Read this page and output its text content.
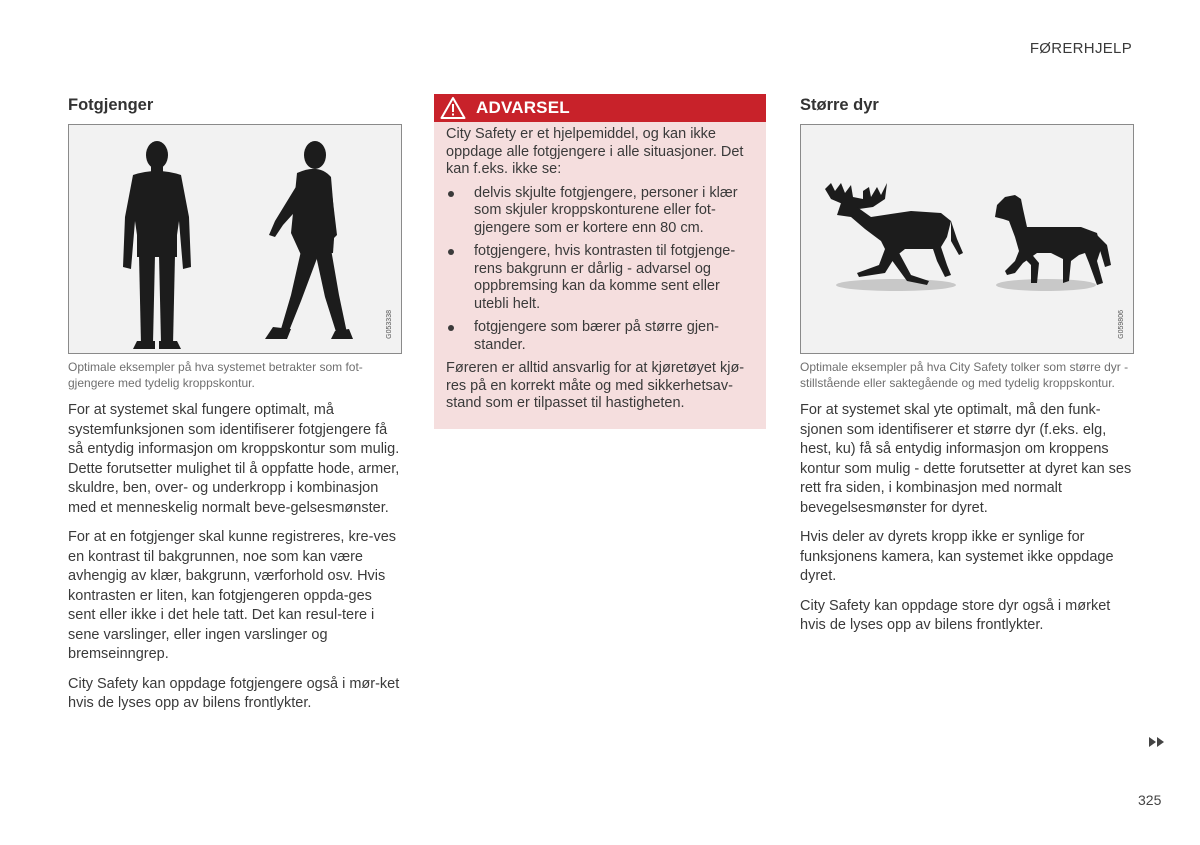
FØRERHJELP
Fotgjenger
G053338
Optimale eksempler på hva systemet betrakter som fot-gjengere med tydelig kroppskontur.

For at systemet skal fungere optimalt, må systemfunksjonen som identifiserer fotgjengere få så entydig informasjon om kroppskontur som mulig. Dette forutsetter mulighet til å oppfatte hode, armer, skuldre, ben, over- og underkropp i kombinasjon med et menneskelig normalt beve-gelsesmønster.

For at en fotgjenger skal kunne registreres, kre-ves en kontrast til bakgrunnen, noe som kan være avhengig av klær, bakgrunn, værforhold osv. Hvis kontrasten er liten, kan fotgjengeren oppda-ges sent eller ikke i det hele tatt. Det kan resul-tere i sene varslinger, eller ingen varslinger og bremseinngrep.

City Safety kan oppdage fotgjengere også i mør-ket hvis de lyses opp av bilens frontlykter.

ADVARSEL

City Safety er et hjelpemiddel, og kan ikke oppdage alle fotgjengere i alle situasjoner. Det kan f.eks. ikke se:

delvis skjulte fotgjengere, personer i klær som skjuler kroppskonturene eller fot-gjengere som er kortere enn 80 cm.
fotgjengere, hvis kontrasten til fotgjenge-rens bakgrunn er dårlig - advarsel og oppbremsing kan da komme sent eller utebli helt.
fotgjengere som bærer på større gjen-stander.

Føreren er alltid ansvarlig for at kjøretøyet kjø-res på en korrekt måte og med sikkerhetsav-stand som er tilpasset til hastigheten.

Større dyr
G059806
Optimale eksempler på hva City Safety tolker som større dyr - stillstående eller saktegående og med tydelig kroppskontur.

For at systemet skal yte optimalt, må den funk-sjonen som identifiserer et større dyr (f.eks. elg, hest, ku) få så entydig informasjon om kroppens kontur som mulig - dette forutsetter at dyret kan ses rett fra siden, i kombinasjon med normalt bevegelsesmønster for dyret.

Hvis deler av dyrets kropp ikke er synlige for funksjonens kamera, kan systemet ikke oppdage dyret.

City Safety kan oppdage store dyr også i mørket hvis de lyses opp av bilens frontlykter.

325
